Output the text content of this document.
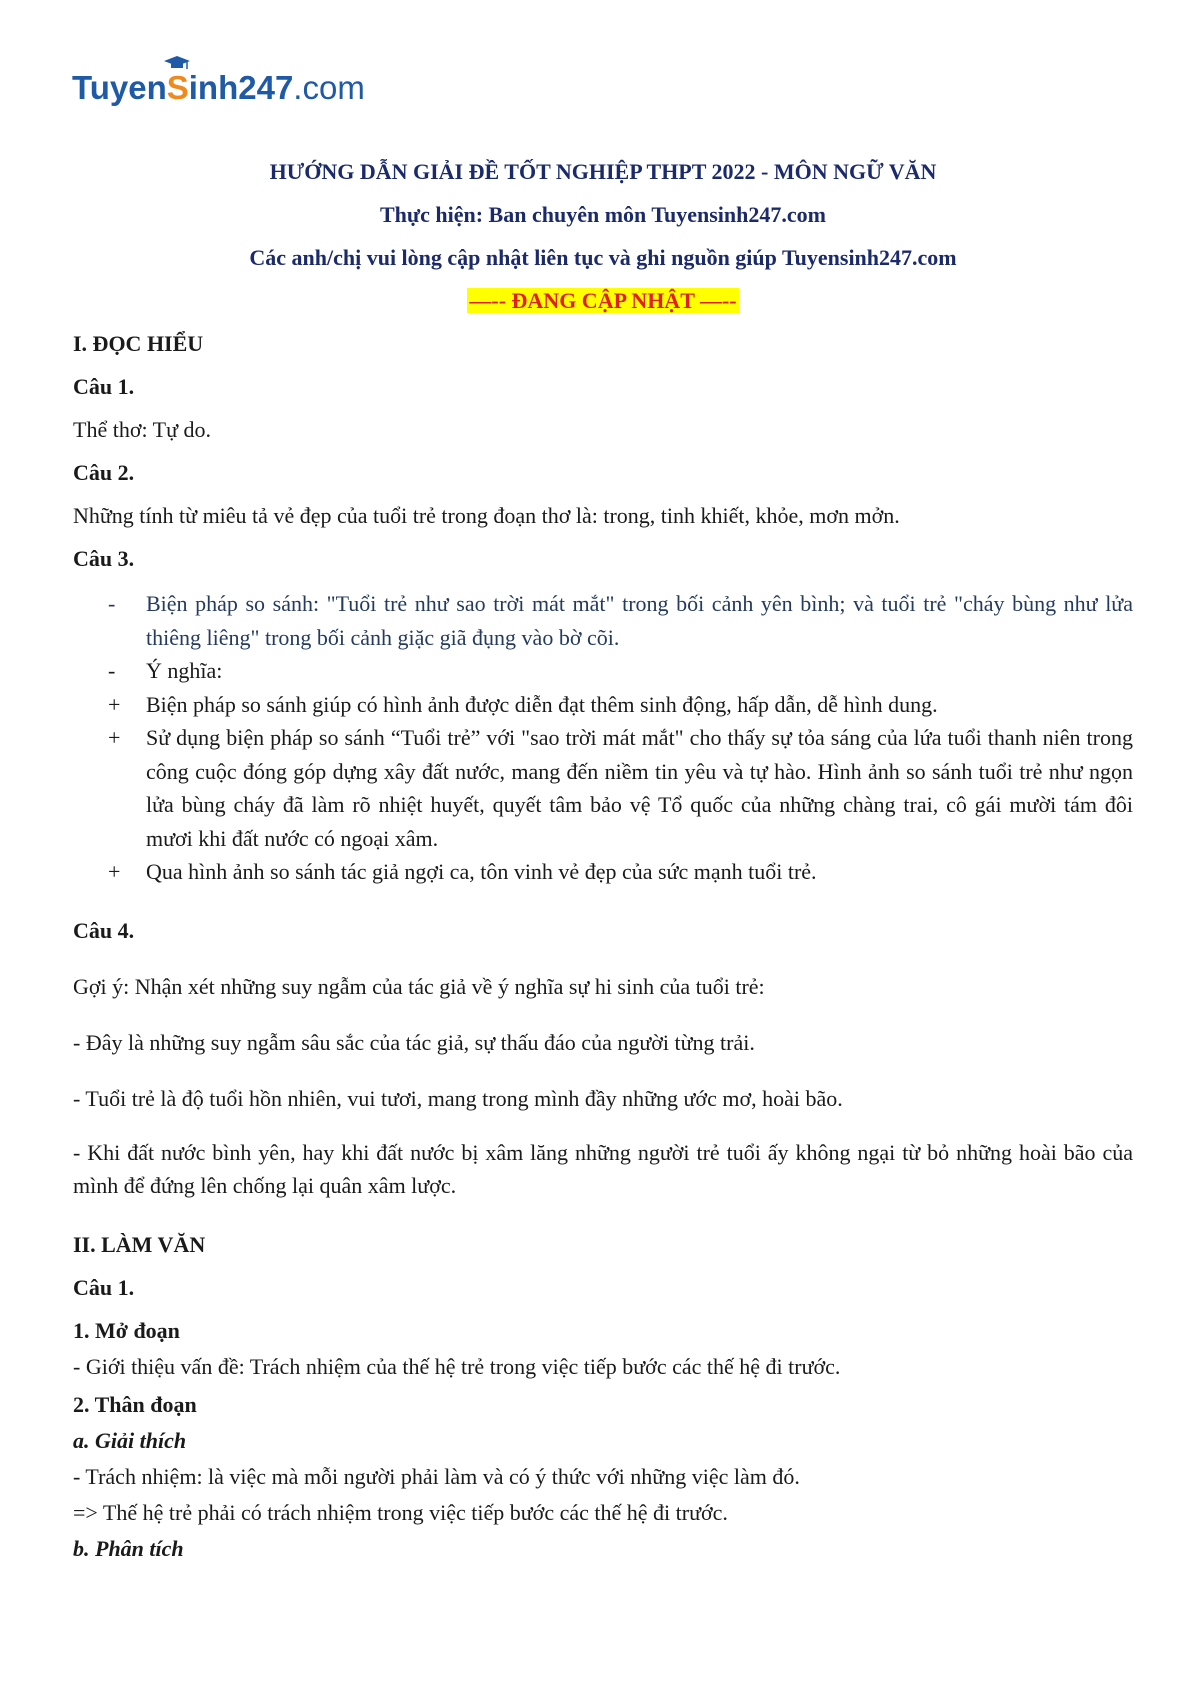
Tuyen
Sinh247.com
HƯỚNG DẪN GIẢI ĐỀ TỐT NGHIỆP THPT 2022 - MÔN NGỮ VĂN
Thực hiện: Ban chuyên môn Tuyensinh247.com
Các anh/chị vui lòng cập nhật liên tục và ghi nguồn giúp Tuyensinh247.com
—-- ĐANG CẬP NHẬT —--
I. ĐỌC HIỂU
Câu 1.
Thể thơ: Tự do.
Câu 2.
Những tính từ miêu tả vẻ đẹp của tuổi trẻ trong đoạn thơ là: trong, tinh khiết, khỏe, mơn mởn.
Câu 3.
- Biện pháp so sánh: "Tuổi trẻ như sao trời mát mắt" trong bối cảnh yên bình; và tuổi trẻ "cháy bùng như lửa thiêng liêng" trong bối cảnh giặc giã đụng vào bờ cõi.
- Ý nghĩa:
+ Biện pháp so sánh giúp có hình ảnh được diễn đạt thêm sinh động, hấp dẫn, dễ hình dung.
+ Sử dụng biện pháp so sánh “Tuổi trẻ” với "sao trời mát mắt" cho thấy sự tỏa sáng của lứa tuổi thanh niên trong công cuộc đóng góp dựng xây đất nước, mang đến niềm tin yêu và tự hào. Hình ảnh so sánh tuổi trẻ như ngọn lửa bùng cháy đã làm rõ nhiệt huyết, quyết tâm bảo vệ Tổ quốc của những chàng trai, cô gái mười tám đôi mươi khi đất nước có ngoại xâm.
+ Qua hình ảnh so sánh tác giả ngợi ca, tôn vinh vẻ đẹp của sức mạnh tuổi trẻ.
Câu 4.
Gợi ý: Nhận xét những suy ngẫm của tác giả về ý nghĩa sự hi sinh của tuổi trẻ:
- Đây là những suy ngẫm sâu sắc của tác giả, sự thấu đáo của người từng trải.
- Tuổi trẻ là độ tuổi hồn nhiên, vui tươi, mang trong mình đầy những ước mơ, hoài bão.
- Khi đất nước bình yên, hay khi đất nước bị xâm lăng những người trẻ tuổi ấy không ngại từ bỏ những hoài bão của mình để đứng lên chống lại quân xâm lược.
II. LÀM VĂN
Câu 1.
1. Mở đoạn
- Giới thiệu vấn đề: Trách nhiệm của thế hệ trẻ trong việc tiếp bước các thế hệ đi trước.
2. Thân đoạn
a. Giải thích
- Trách nhiệm: là việc mà mỗi người phải làm và có ý thức với những việc làm đó.
=> Thế hệ trẻ phải có trách nhiệm trong việc tiếp bước các thế hệ đi trước.
b. Phân tích
